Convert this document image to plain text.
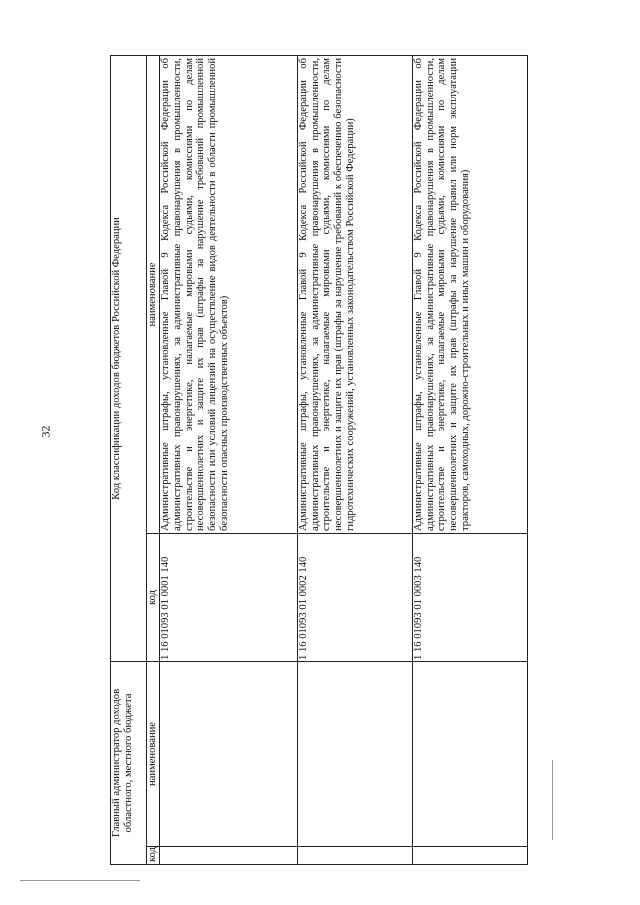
32
Главный администратор доходов областного, местного бюджета		Код классификации доходов бюджетов Российской Федерации	
код	наименование	код	наименование
		1 16 01093 01 0001 140	Административные штрафы, установленные Главой 9 Кодекса Российской Федерации об административных правонарушениях, за административные правонарушения в промышленности, строительстве и энергетике, налагаемые мировыми судьями, комиссиями по делам несовершеннолетних и защите их прав (штрафы за нарушение требований промышленной безопасности или условий лицензий на осуществление видов деятельности в области промышленной безопасности опасных производственных объектов)
		1 16 01093 01 0002 140	Административные штрафы, установленные Главой 9 Кодекса Российской Федерации об административных правонарушениях, за административные правонарушения в промышленности, строительстве и энергетике, налагаемые мировыми судьями, комиссиями по делам несовершеннолетних и защите их прав (штрафы за нарушение требований к обеспечению безопасности гидротехнических сооружений, установленных законодательством Российской Федерации)
		1 16 01093 01 0003 140	Административные штрафы, установленные Главой 9 Кодекса Российской Федерации об административных правонарушениях, за административные правонарушения в промышленности, строительстве и энергетике, налагаемые мировыми судьями, комиссиями по делам несовершеннолетних и защите их прав (штрафы за нарушение правил или норм эксплуатации тракторов, самоходных, дорожно-строительных и иных машин и оборудования)
